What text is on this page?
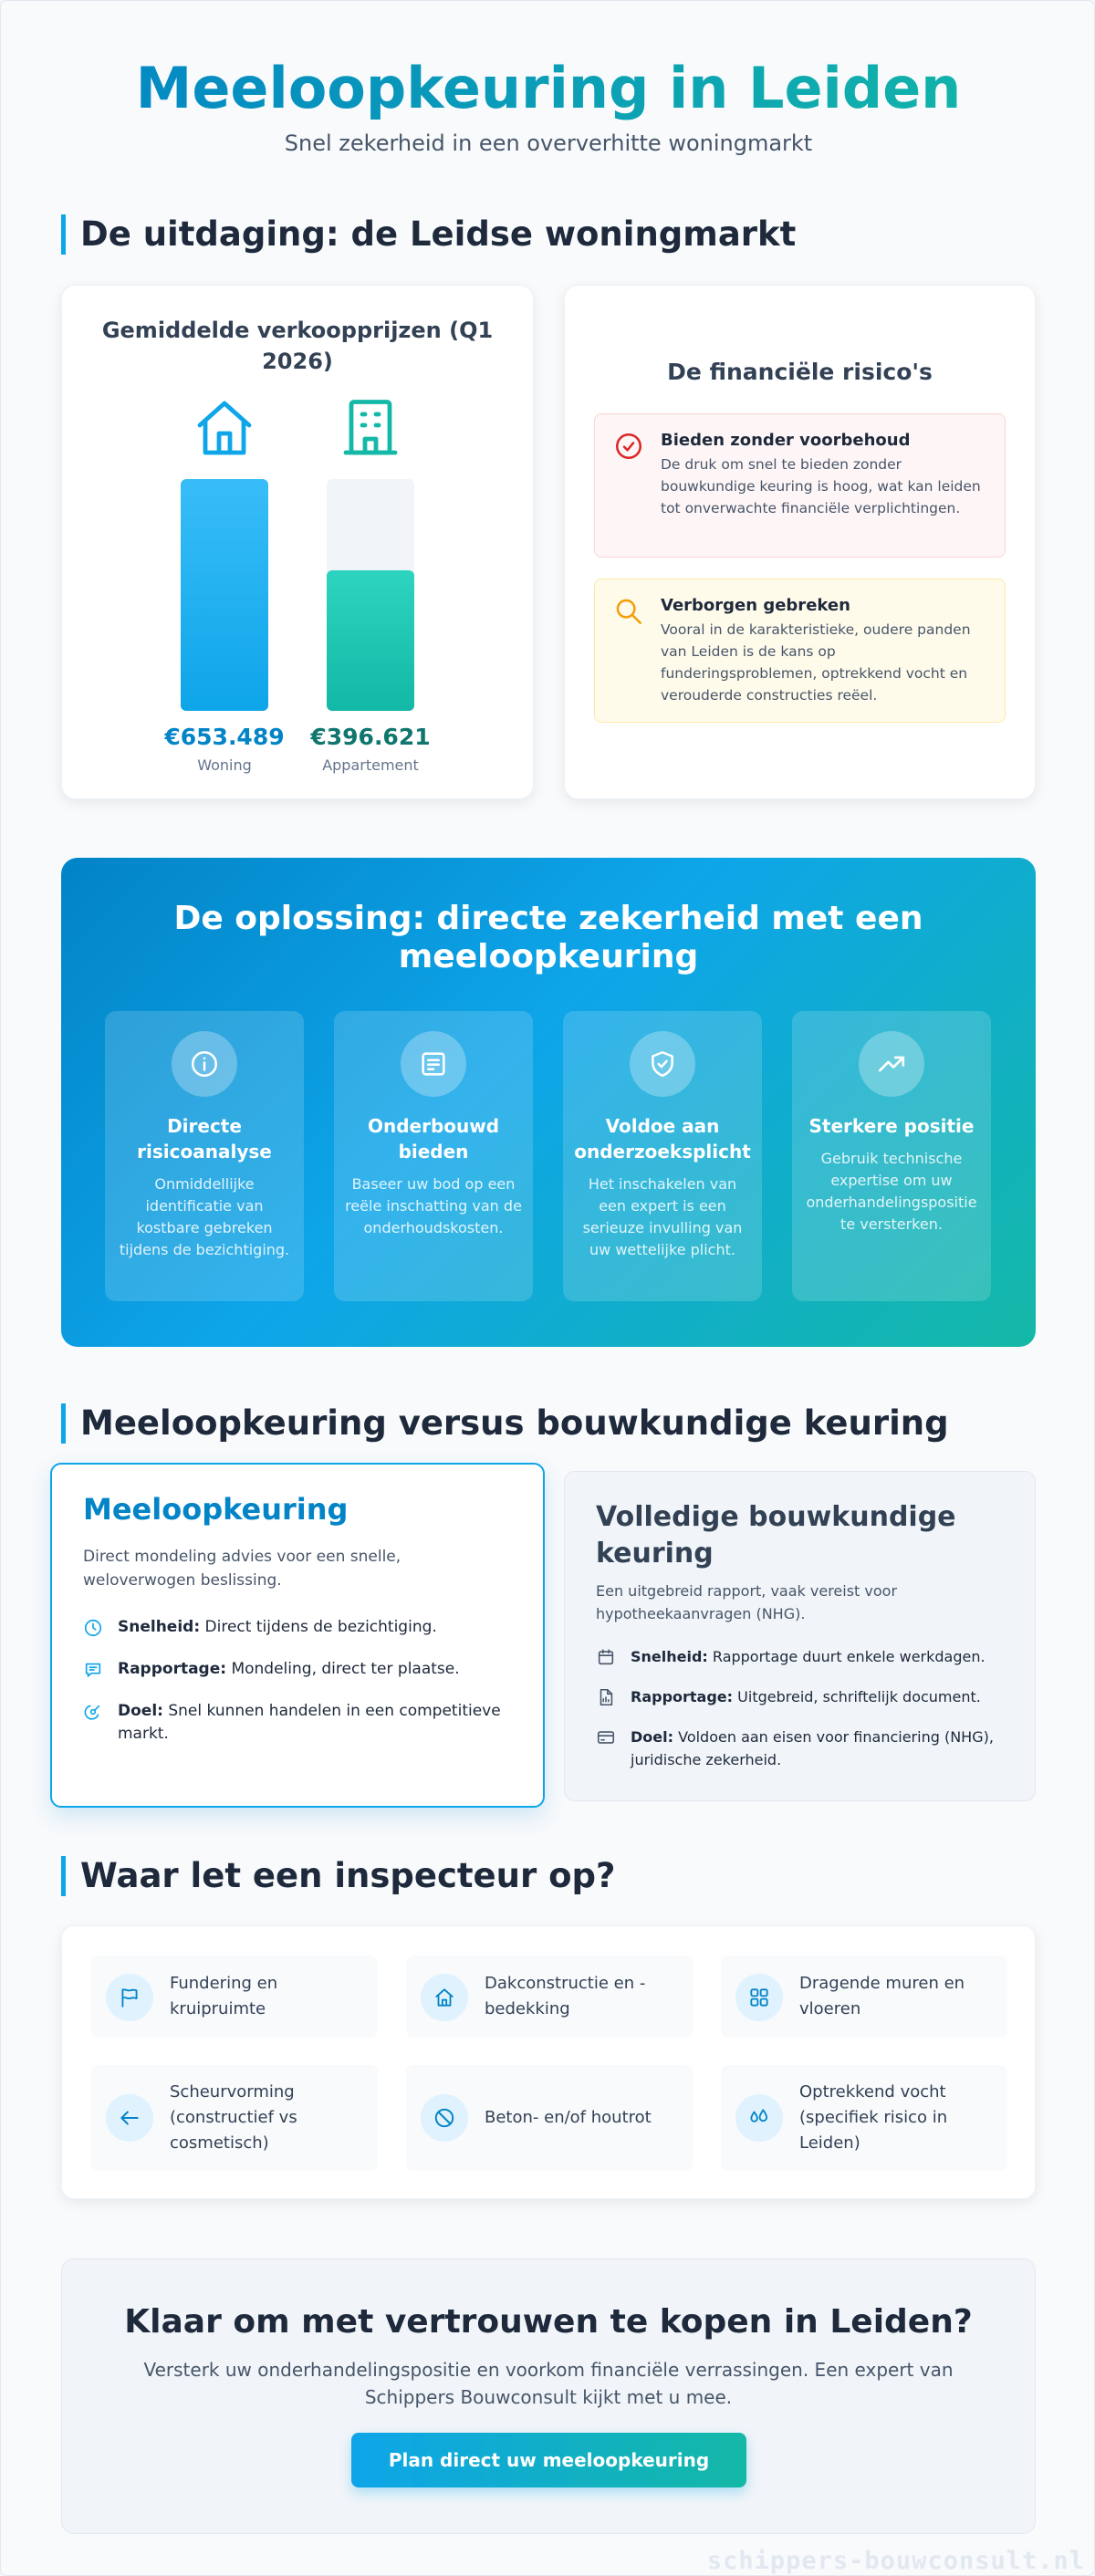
Meeloopkeuring in Leiden
Snel zekerheid in een oververhitte woningmarkt
De uitdaging: de Leidse woningmarkt
Gemiddelde verkoopprijzen (Q1 2026)
€653.489
Woning
€396.621
Appartement
De financiële risico's
Bieden zonder voorbehoud

De druk om snel te bieden zonder bouwkundige keuring is hoog, wat kan leiden tot onverwachte financiële verplichtingen.

Verborgen gebreken

Vooral in de karakteristieke, oudere panden van Leiden is de kans op funderingsproblemen, optrekkend vocht en verouderde constructies reëel.

De oplossing: directe zekerheid met een meeloopkeuring
Directe risicoanalyse

Onmiddellijke identificatie van kostbare gebreken tijdens de bezichtiging.

Onderbouwd bieden

Baseer uw bod op een reële inschatting van de onderhoudskosten.

Voldoe aan onderzoeksplicht

Het inschakelen van een expert is een serieuze invulling van uw wettelijke plicht.

Sterkere positie

Gebruik technische expertise om uw onderhandelingspositie te versterken.

Meeloopkeuring versus bouwkundige keuring
Meeloopkeuring
Direct mondeling advies voor een snelle, weloverwogen beslissing.
Snelheid: Direct tijdens de bezichtiging.
Rapportage: Mondeling, direct ter plaatse.
Doel: Snel kunnen handelen in een competitieve markt.
Volledige bouwkundige keuring
Een uitgebreid rapport, vaak vereist voor hypotheekaanvragen (NHG).
Snelheid: Rapportage duurt enkele werkdagen.
Rapportage: Uitgebreid, schriftelijk document.
Doel: Voldoen aan eisen voor financiering (NHG), juridische zekerheid.
Waar let een inspecteur op?
Fundering en kruipruimte
Dakconstructie en -bedekking
Dragende muren en vloeren
Scheurvorming (constructief vs cosmetisch)
Beton- en/of houtrot
Optrekkend vocht (specifiek risico in Leiden)
Klaar om met vertrouwen te kopen in Leiden?

Versterk uw onderhandelingspositie en voorkom financiële verrassingen. Een expert van Schippers Bouwconsult kijkt met u mee.

Plan direct uw meeloopkeuring
schippers-bouwconsult.nl
